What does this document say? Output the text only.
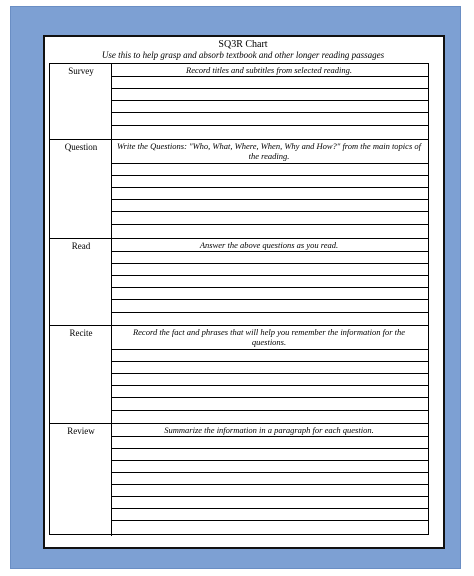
SQ3R Chart
Use this to help grasp and absorb textbook and other longer reading passages
Survey	Record titles and subtitles from selected reading.
Question	Write the Questions: "Who, What, Where, When, Why and How?" from the main topics of the reading.
Read	Answer the above questions as you read.
Recite	Record the fact and phrases that will help you remember the information for the questions.
Review	Summarize the information in a paragraph for each question.
